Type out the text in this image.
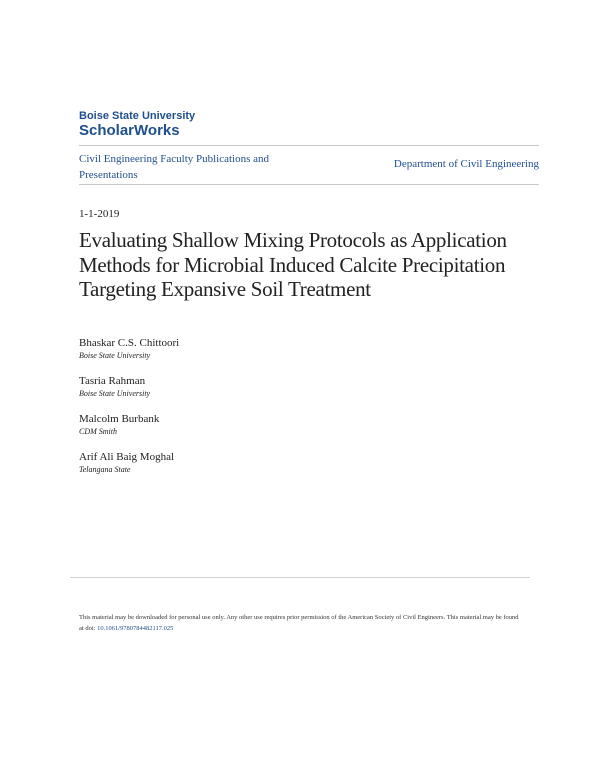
Boise State University
ScholarWorks
Civil Engineering Faculty Publications and Presentations
Department of Civil Engineering
1-1-2019
Evaluating Shallow Mixing Protocols as Application Methods for Microbial Induced Calcite Precipitation Targeting Expansive Soil Treatment
Bhaskar C.S. Chittoori
Boise State University
Tasria Rahman
Boise State University
Malcolm Burbank
CDM Smith
Arif Ali Baig Moghal
Telangana State
This material may be downloaded for personal use only. Any other use requires prior permission of the American Society of Civil Engineers. This material may be found at doi: 10.1061/9780784482117.025
